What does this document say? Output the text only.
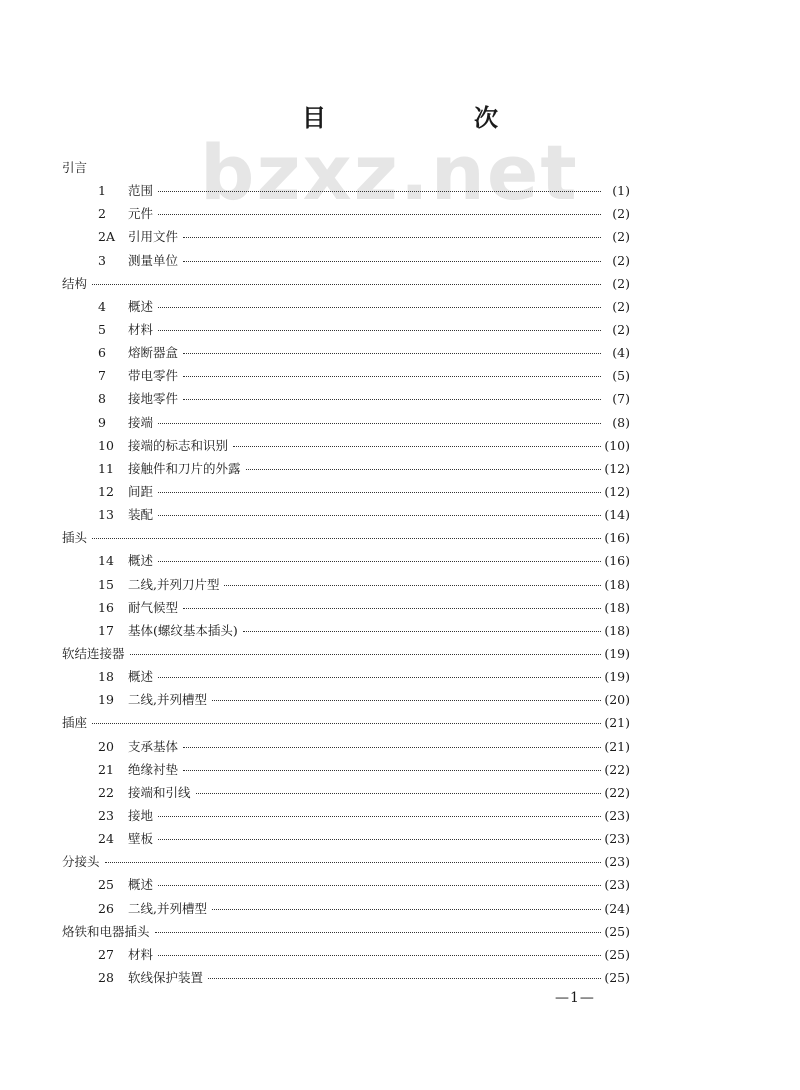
bzxz.net
目　次
引言
1	范围	(1)
2	元件	(2)
2A	引用文件	(2)
3	测量单位	(2)
结构	(2)
4	概述	(2)
5	材料	(2)
6	熔断器盒	(4)
7	带电零件	(5)
8	接地零件	(7)
9	接端	(8)
10	接端的标志和识别	(10)
11	接触件和刀片的外露	(12)
12	间距	(12)
13	装配	(14)
插头	(16)
14	概述	(16)
15	二线,并列刀片型	(18)
16	耐气候型	(18)
17	基体(螺纹基本插头)	(18)
软结连接器	(19)
18	概述	(19)
19	二线,并列槽型	(20)
插座	(21)
20	支承基体	(21)
21	绝缘衬垫	(22)
22	接端和引线	(22)
23	接地	(23)
24	壁板	(23)
分接头	(23)
25	概述	(23)
26	二线,并列槽型	(24)
烙铁和电器插头	(25)
27	材料	(25)
28	软线保护装置	(25)
—1—
